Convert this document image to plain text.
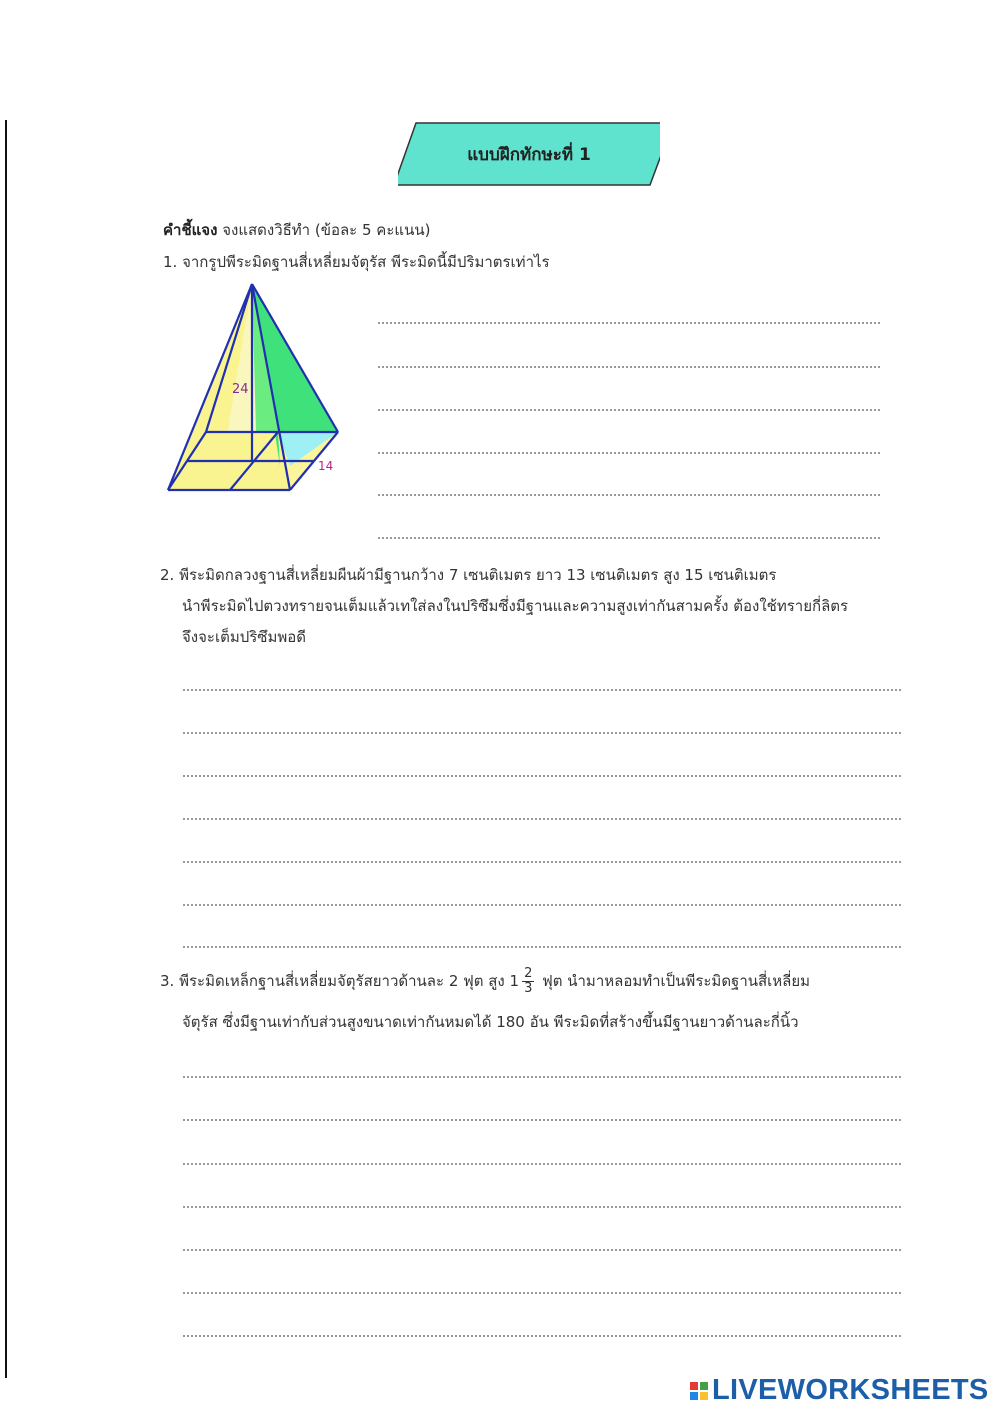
แบบฝึกทักษะที่ 1
คำชี้แจง จงแสดงวิธีทำ (ข้อละ 5 คะแนน)
1. จากรูปพีระมิดฐานสี่เหลี่ยมจัตุรัส พีระมิดนี้มีปริมาตรเท่าไร
24
14
2. พีระมิดกลวงฐานสี่เหลี่ยมผืนผ้ามีฐานกว้าง 7 เซนติเมตร ยาว 13 เซนติเมตร สูง 15 เซนติเมตร
นำพีระมิดไปตวงทรายจนเต็มแล้วเทใส่ลงในปริซึมซึ่งมีฐานและความสูงเท่ากันสามครั้ง ต้องใช้ทรายกี่ลิตร
จึงจะเต็มปริซึมพอดี
3. พีระมิดเหล็กฐานสี่เหลี่ยมจัตุรัสยาวด้านละ 2 ฟุต สูง $1 \frac{2}{3}$ ฟุต นำมาหลอมทำเป็นพีระมิดฐานสี่เหลี่ยม
จัตุรัส ซึ่งมีฐานเท่ากับส่วนสูงขนาดเท่ากันหมดได้ 180 อัน พีระมิดที่สร้างขึ้นมีฐานยาวด้านละกี่นิ้ว
LIVEWORKSHEETS
